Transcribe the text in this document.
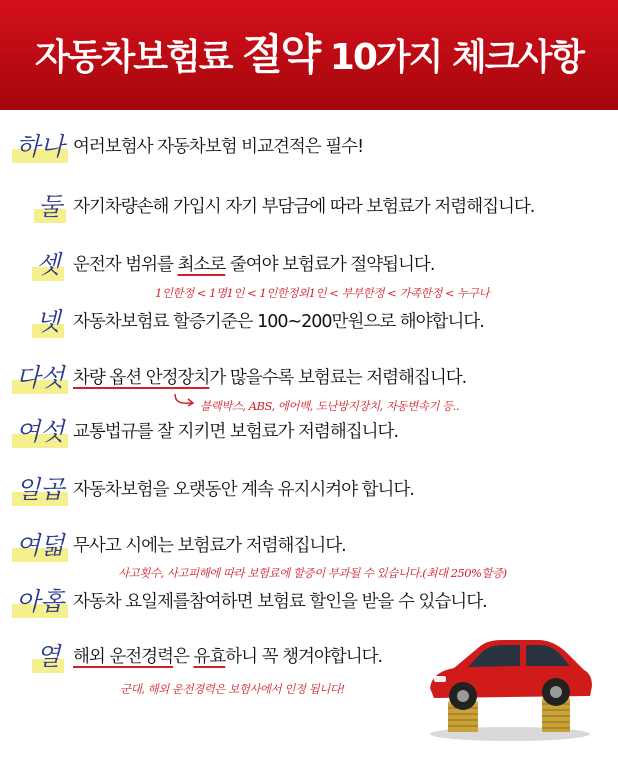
자동차보험료 절약 10가지 체크사항
하나 여러보험사 자동차보험 비교견적은 필수!
둘 자기차량손해 가입시 자기 부담금에 따라 보험료가 저렴해집니다.
셋 운전자 범위를 최소로 줄여야 보험료가 절약됩니다.
1인한정 < 1명1인 < 1인한정외1인 < 부부한정 < 가족한정 < 누구나
넷 자동차보험료 할증기준은 100~200만원으로 해야합니다.
다섯 차량 옵션 안정장치가 많을수록 보험료는 저렴해집니다.
블랙박스, ABS, 에어백, 도난방지장치, 자동변속기 등..
여섯 교통법규를 잘 지키면 보험료가 저렴해집니다.
일곱 자동차보험을 오랫동안 계속 유지시켜야 합니다.
여덟 무사고 시에는 보험료가 저렴해집니다.
사고횟수, 사고피해에 따라 보험료에 할증이 부과될 수 있습니다.(최대 250%할증)
아홉 자동차 요일제를참여하면 보험료 할인을 받을 수 있습니다.
열 해외 운전경력은 유효하니 꼭 챙겨야합니다.
군대, 해외 운전경력은 보험사에서 인정 됩니다!
